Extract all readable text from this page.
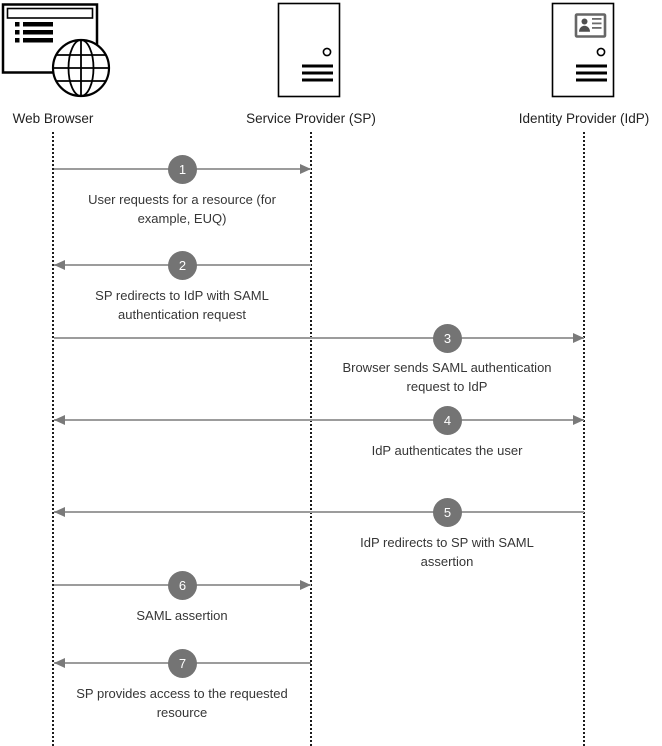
Web Browser	Service Provider (SP)	Identity Provider (IdP)
1
User requests for a resource (for
example, EUQ)
2
SP redirects to IdP with SAML
authentication request
3
Browser sends SAML authentication
request to IdP
4
IdP authenticates the user
5
IdP redirects to SP with SAML
assertion
6
SAML assertion
7
SP provides access to the requested
resource
